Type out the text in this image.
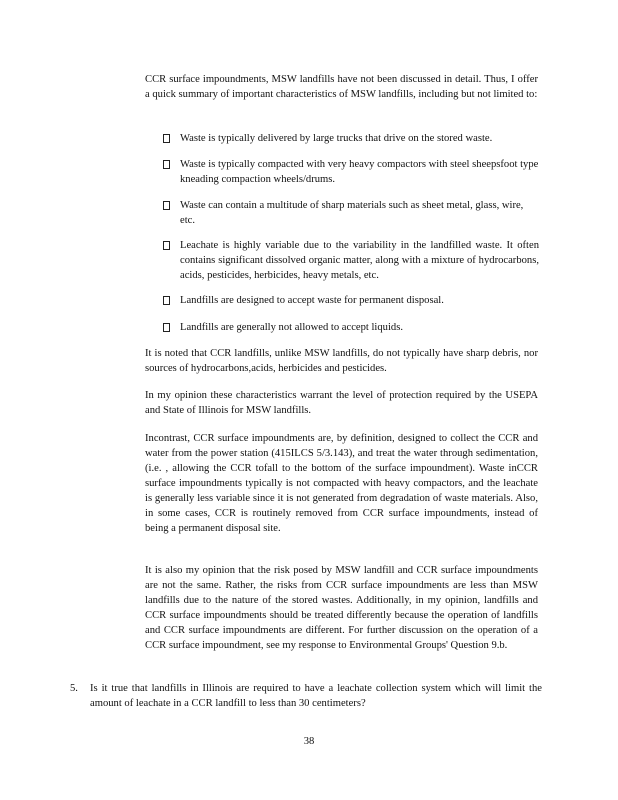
CCR surface impoundments, MSW landfills have not been discussed in detail. Thus, I offer a quick summary of important characteristics of MSW landfills, including but not limited to:
Waste is typically delivered by large trucks that drive on the stored waste.
Waste is typically compacted with very heavy compactors with steel sheepsfoot type kneading compaction wheels/drums.
Waste can contain a multitude of sharp materials such as sheet metal, glass, wire, etc.
Leachate is highly variable due to the variability in the landfilled waste. It often contains significant dissolved organic matter, along with a mixture of hydrocarbons, acids, pesticides, herbicides, heavy metals, etc.
Landfills are designed to accept waste for permanent disposal.
Landfills are generally not allowed to accept liquids.
It is noted that CCR landfills, unlike MSW landfills, do not typically have sharp debris, nor sources of hydrocarbons,acids, herbicides and pesticides.
In my opinion these characteristics warrant the level of protection required by the USEPA and State of Illinois for MSW landfills.
Incontrast, CCR surface impoundments are, by definition, designed to collect the CCR and water from the power station (415ILCS 5/3.143), and treat the water through sedimentation, (i.e. , allowing the CCR tofall to the bottom of the surface impoundment). Waste inCCR surface impoundments typically is not compacted with heavy compactors, and the leachate is generally less variable since it is not generated from degradation of waste materials. Also, in some cases, CCR is routinely removed from CCR surface impoundments, instead of being a permanent disposal site.
It is also my opinion that the risk posed by MSW landfill and CCR surface impoundments are not the same. Rather, the risks from CCR surface impoundments are less than MSW landfills due to the nature of the stored wastes. Additionally, in my opinion, landfills and CCR surface impoundments should be treated differently because the operation of landfills and CCR surface impoundments are different. For further discussion on the operation of a CCR surface impoundment, see my response to Environmental Groups' Question 9.b.
5. Is it true that landfills in Illinois are required to have a leachate collection system which will limit the amount of leachate in a CCR landfill to less than 30 centimeters?
38
